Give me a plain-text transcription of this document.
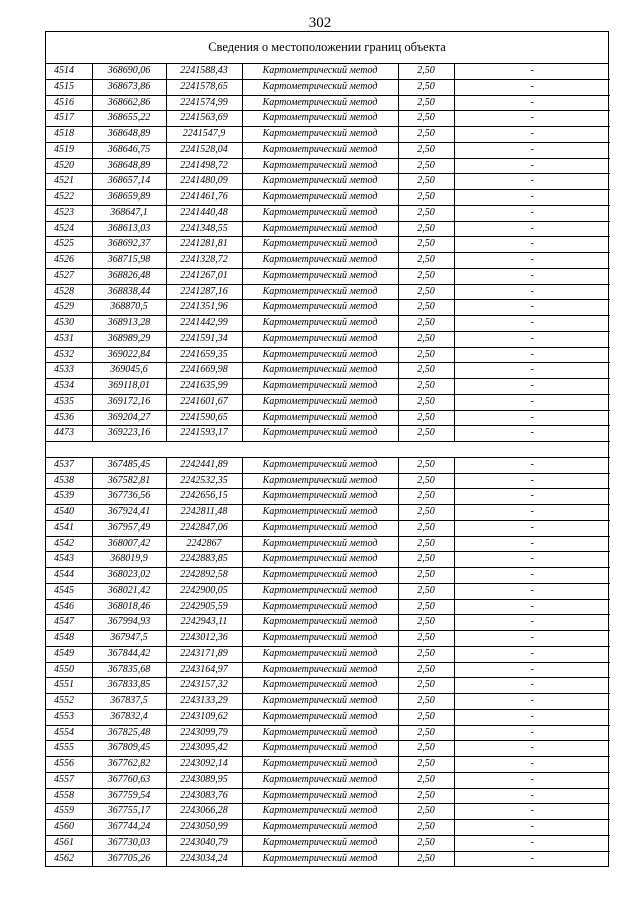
302
Сведения о местоположении границ объекта
4514	368690,06	2241588,43	Картометрический метод	2,50	-
4515	368673,86	2241578,65	Картометрический метод	2,50	-
4516	368662,86	2241574,99	Картометрический метод	2,50	-
4517	368655,22	2241563,69	Картометрический метод	2,50	-
4518	368648,89	2241547,9	Картометрический метод	2,50	-
4519	368646,75	2241528,04	Картометрический метод	2,50	-
4520	368648,89	2241498,72	Картометрический метод	2,50	-
4521	368657,14	2241480,09	Картометрический метод	2,50	-
4522	368659,89	2241461,76	Картометрический метод	2,50	-
4523	368647,1	2241440,48	Картометрический метод	2,50	-
4524	368613,03	2241348,55	Картометрический метод	2,50	-
4525	368692,37	2241281,81	Картометрический метод	2,50	-
4526	368715,98	2241328,72	Картометрический метод	2,50	-
4527	368826,48	2241267,01	Картометрический метод	2,50	-
4528	368838,44	2241287,16	Картометрический метод	2,50	-
4529	368870,5	2241351,96	Картометрический метод	2,50	-
4530	368913,28	2241442,99	Картометрический метод	2,50	-
4531	368989,29	2241591,34	Картометрический метод	2,50	-
4532	369022,84	2241659,35	Картометрический метод	2,50	-
4533	369045,6	2241669,98	Картометрический метод	2,50	-
4534	369118,01	2241635,99	Картометрический метод	2,50	-
4535	369172,16	2241601,67	Картометрический метод	2,50	-
4536	369204,27	2241590,65	Картометрический метод	2,50	-
4473	369223,16	2241593,17	Картометрический метод	2,50	-

4537	367485,45	2242441,89	Картометрический метод	2,50	-
4538	367582,81	2242532,35	Картометрический метод	2,50	-
4539	367736,56	2242656,15	Картометрический метод	2,50	-
4540	367924,41	2242811,48	Картометрический метод	2,50	-
4541	367957,49	2242847,06	Картометрический метод	2,50	-
4542	368007,42	2242867	Картометрический метод	2,50	-
4543	368019,9	2242883,85	Картометрический метод	2,50	-
4544	368023,02	2242892,58	Картометрический метод	2,50	-
4545	368021,42	2242900,05	Картометрический метод	2,50	-
4546	368018,46	2242905,59	Картометрический метод	2,50	-
4547	367994,93	2242943,11	Картометрический метод	2,50	-
4548	367947,5	2243012,36	Картометрический метод	2,50	-
4549	367844,42	2243171,89	Картометрический метод	2,50	-
4550	367835,68	2243164,97	Картометрический метод	2,50	-
4551	367833,85	2243157,32	Картометрический метод	2,50	-
4552	367837,5	2243133,29	Картометрический метод	2,50	-
4553	367832,4	2243109,62	Картометрический метод	2,50	-
4554	367825,48	2243099,79	Картометрический метод	2,50	-
4555	367809,45	2243095,42	Картометрический метод	2,50	-
4556	367762,82	2243092,14	Картометрический метод	2,50	-
4557	367760,63	2243089,95	Картометрический метод	2,50	-
4558	367759,54	2243083,76	Картометрический метод	2,50	-
4559	367755,17	2243066,28	Картометрический метод	2,50	-
4560	367744,24	2243050,99	Картометрический метод	2,50	-
4561	367730,03	2243040,79	Картометрический метод	2,50	-
4562	367705,26	2243034,24	Картометрический метод	2,50	-
